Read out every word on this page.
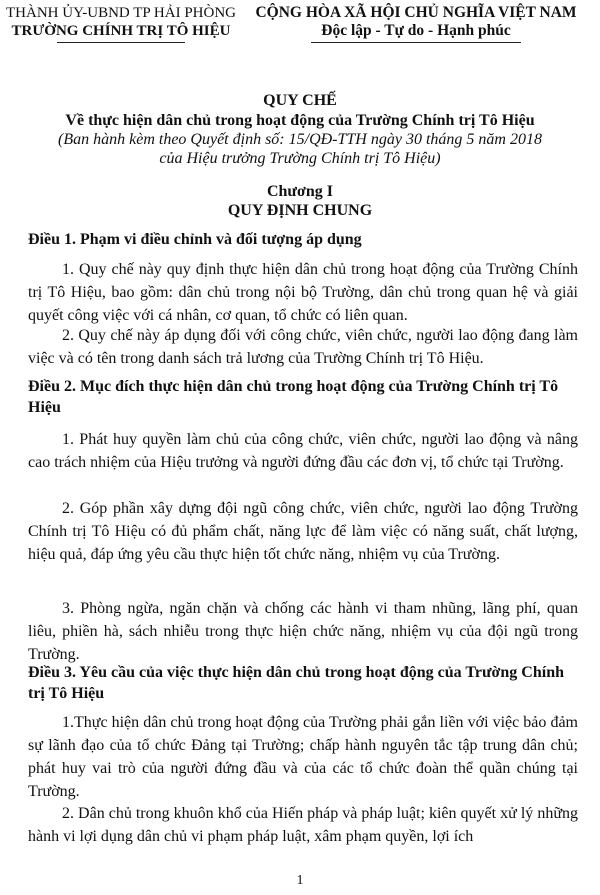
THÀNH ỦY-UBND TP HẢI PHÒNG
TRƯỜNG CHÍNH TRỊ TÔ HIỆU
CỘNG HÒA XÃ HỘI CHỦ NGHĨA VIỆT NAM
Độc lập - Tự do - Hạnh phúc
QUY CHẾ
Về thực hiện dân chủ trong hoạt động của Trường Chính trị Tô Hiệu
(Ban hành kèm theo Quyết định số: 15/QĐ-TTH ngày 30 tháng 5 năm 2018
của Hiệu trưởng Trường Chính trị Tô Hiệu)
Chương I
QUY ĐỊNH CHUNG
Điều 1. Phạm vi điều chỉnh và đối tượng áp dụng
1. Quy chế này quy định thực hiện dân chủ trong hoạt động của Trường Chính trị Tô Hiệu, bao gồm: dân chủ trong nội bộ Trường, dân chủ trong quan hệ và giải quyết công việc với cá nhân, cơ quan, tổ chức có liên quan.
2. Quy chế này áp dụng đối với công chức, viên chức, người lao động đang làm việc và có tên trong danh sách trả lương của Trường Chính trị Tô Hiệu.
Điều 2. Mục đích thực hiện dân chủ trong hoạt động của Trường Chính trị Tô Hiệu
1. Phát huy quyền làm chủ của công chức, viên chức, người lao động và nâng cao trách nhiệm của Hiệu trưởng và người đứng đầu các đơn vị, tổ chức tại Trường.
2. Góp phần xây dựng đội ngũ công chức, viên chức, người lao động Trường Chính trị Tô Hiệu có đủ phẩm chất, năng lực để làm việc có năng suất, chất lượng, hiệu quả, đáp ứng yêu cầu thực hiện tốt chức năng, nhiệm vụ của Trường.
3. Phòng ngừa, ngăn chặn và chống các hành vi tham nhũng, lãng phí, quan liêu, phiền hà, sách nhiễu trong thực hiện chức năng, nhiệm vụ của đội ngũ trong Trường.
Điều 3. Yêu cầu của việc thực hiện dân chủ trong hoạt động của Trường Chính trị Tô Hiệu
1.Thực hiện dân chủ trong hoạt động của Trường phải gắn liền với việc bảo đảm sự lãnh đạo của tổ chức Đảng tại Trường; chấp hành nguyên tắc tập trung dân chủ; phát huy vai trò của người đứng đầu và của các tổ chức đoàn thể quần chúng tại Trường.
2. Dân chủ trong khuôn khổ của Hiến pháp và pháp luật; kiên quyết xử lý những hành vi lợi dụng dân chủ vi phạm pháp luật, xâm phạm quyền, lợi ích
1
